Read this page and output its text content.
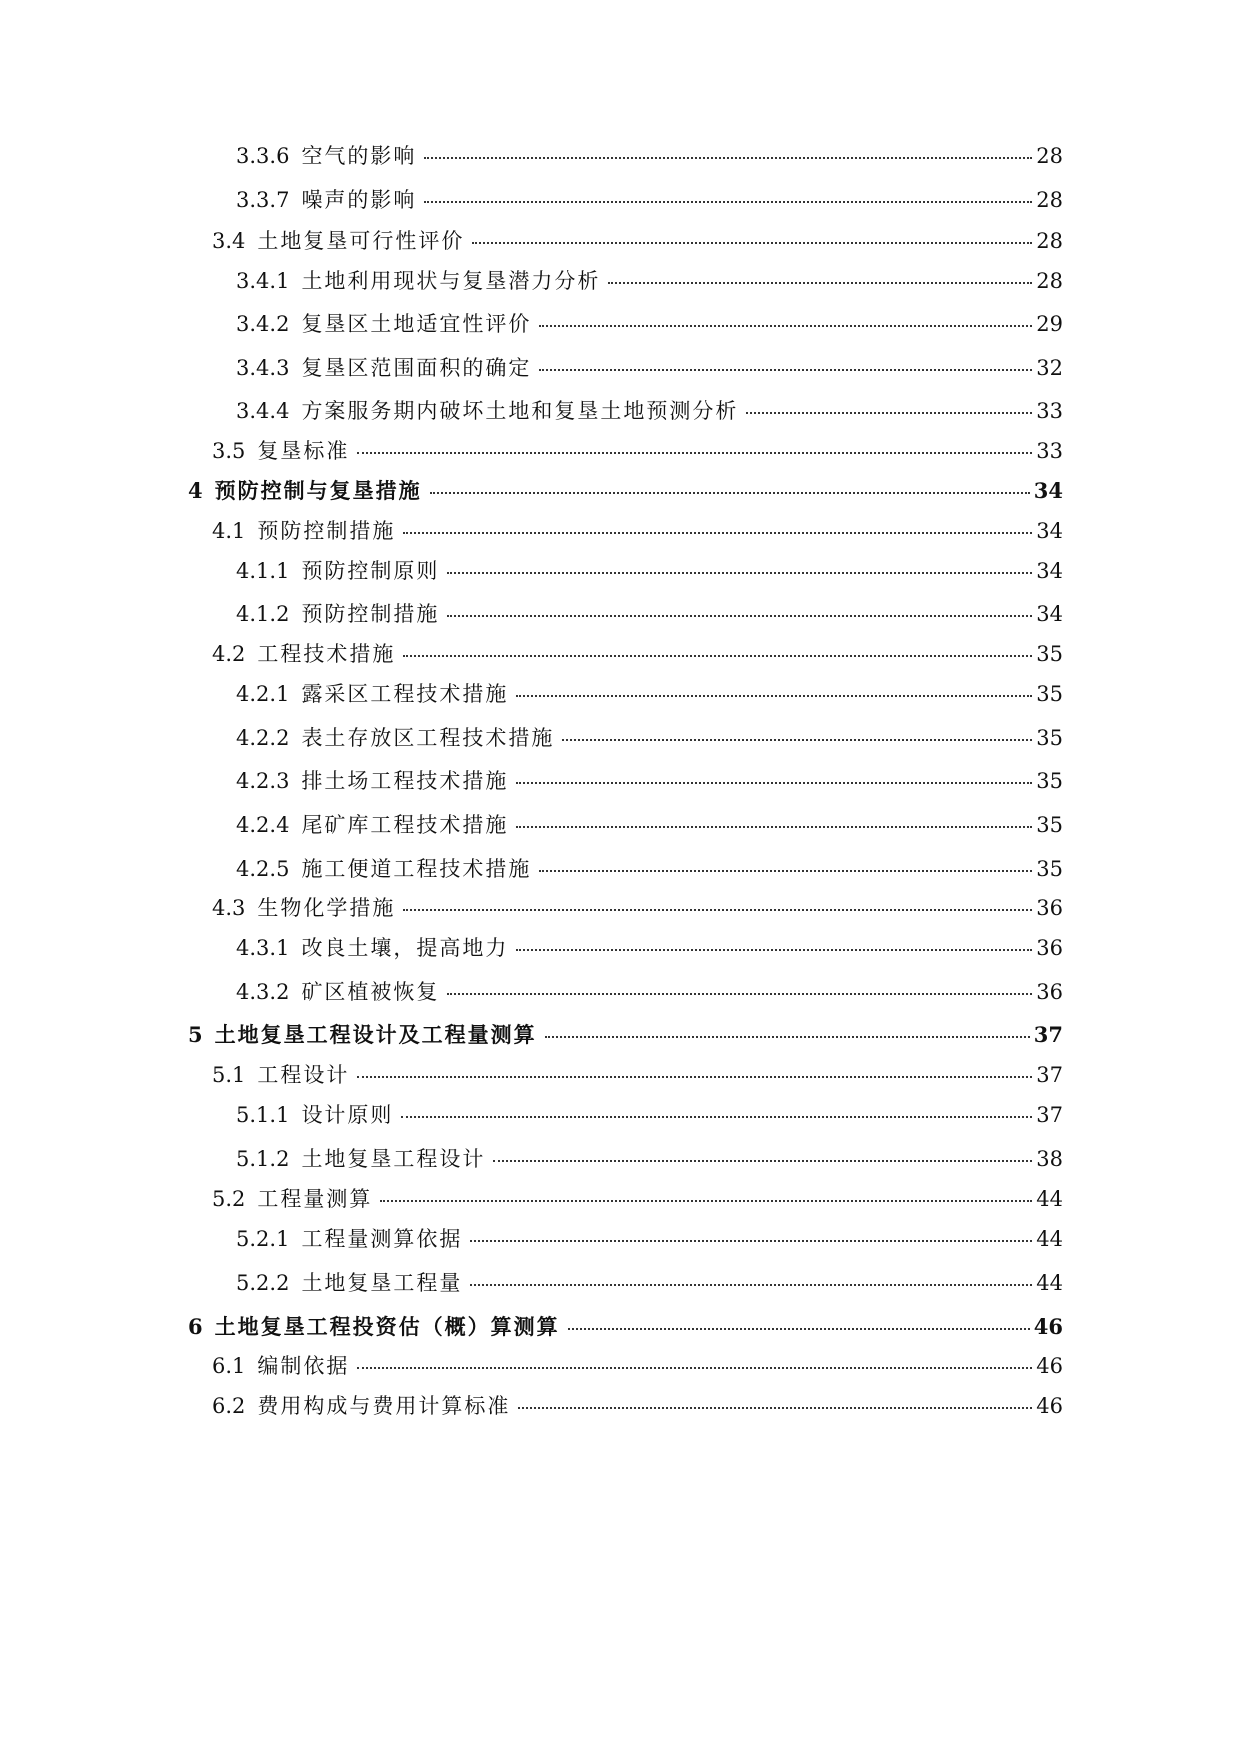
3.3.6 空气的影响	28
3.3.7 噪声的影响	28
3.4 土地复垦可行性评价	28
3.4.1 土地利用现状与复垦潜力分析	28
3.4.2 复垦区土地适宜性评价	29
3.4.3 复垦区范围面积的确定	32
3.4.4 方案服务期内破坏土地和复垦土地预测分析	33
3.5 复垦标准	33
4 预防控制与复垦措施	34
4.1 预防控制措施	34
4.1.1 预防控制原则	34
4.1.2 预防控制措施	34
4.2 工程技术措施	35
4.2.1 露采区工程技术措施	35
4.2.2 表土存放区工程技术措施	35
4.2.3 排土场工程技术措施	35
4.2.4 尾矿库工程技术措施	35
4.2.5 施工便道工程技术措施	35
4.3 生物化学措施	36
4.3.1 改良土壤，提高地力	36
4.3.2 矿区植被恢复	36
5 土地复垦工程设计及工程量测算	37
5.1 工程设计	37
5.1.1 设计原则	37
5.1.2 土地复垦工程设计	38
5.2 工程量测算	44
5.2.1 工程量测算依据	44
5.2.2 土地复垦工程量	44
6 土地复垦工程投资估（概）算测算	46
6.1 编制依据	46
6.2 费用构成与费用计算标准	46
